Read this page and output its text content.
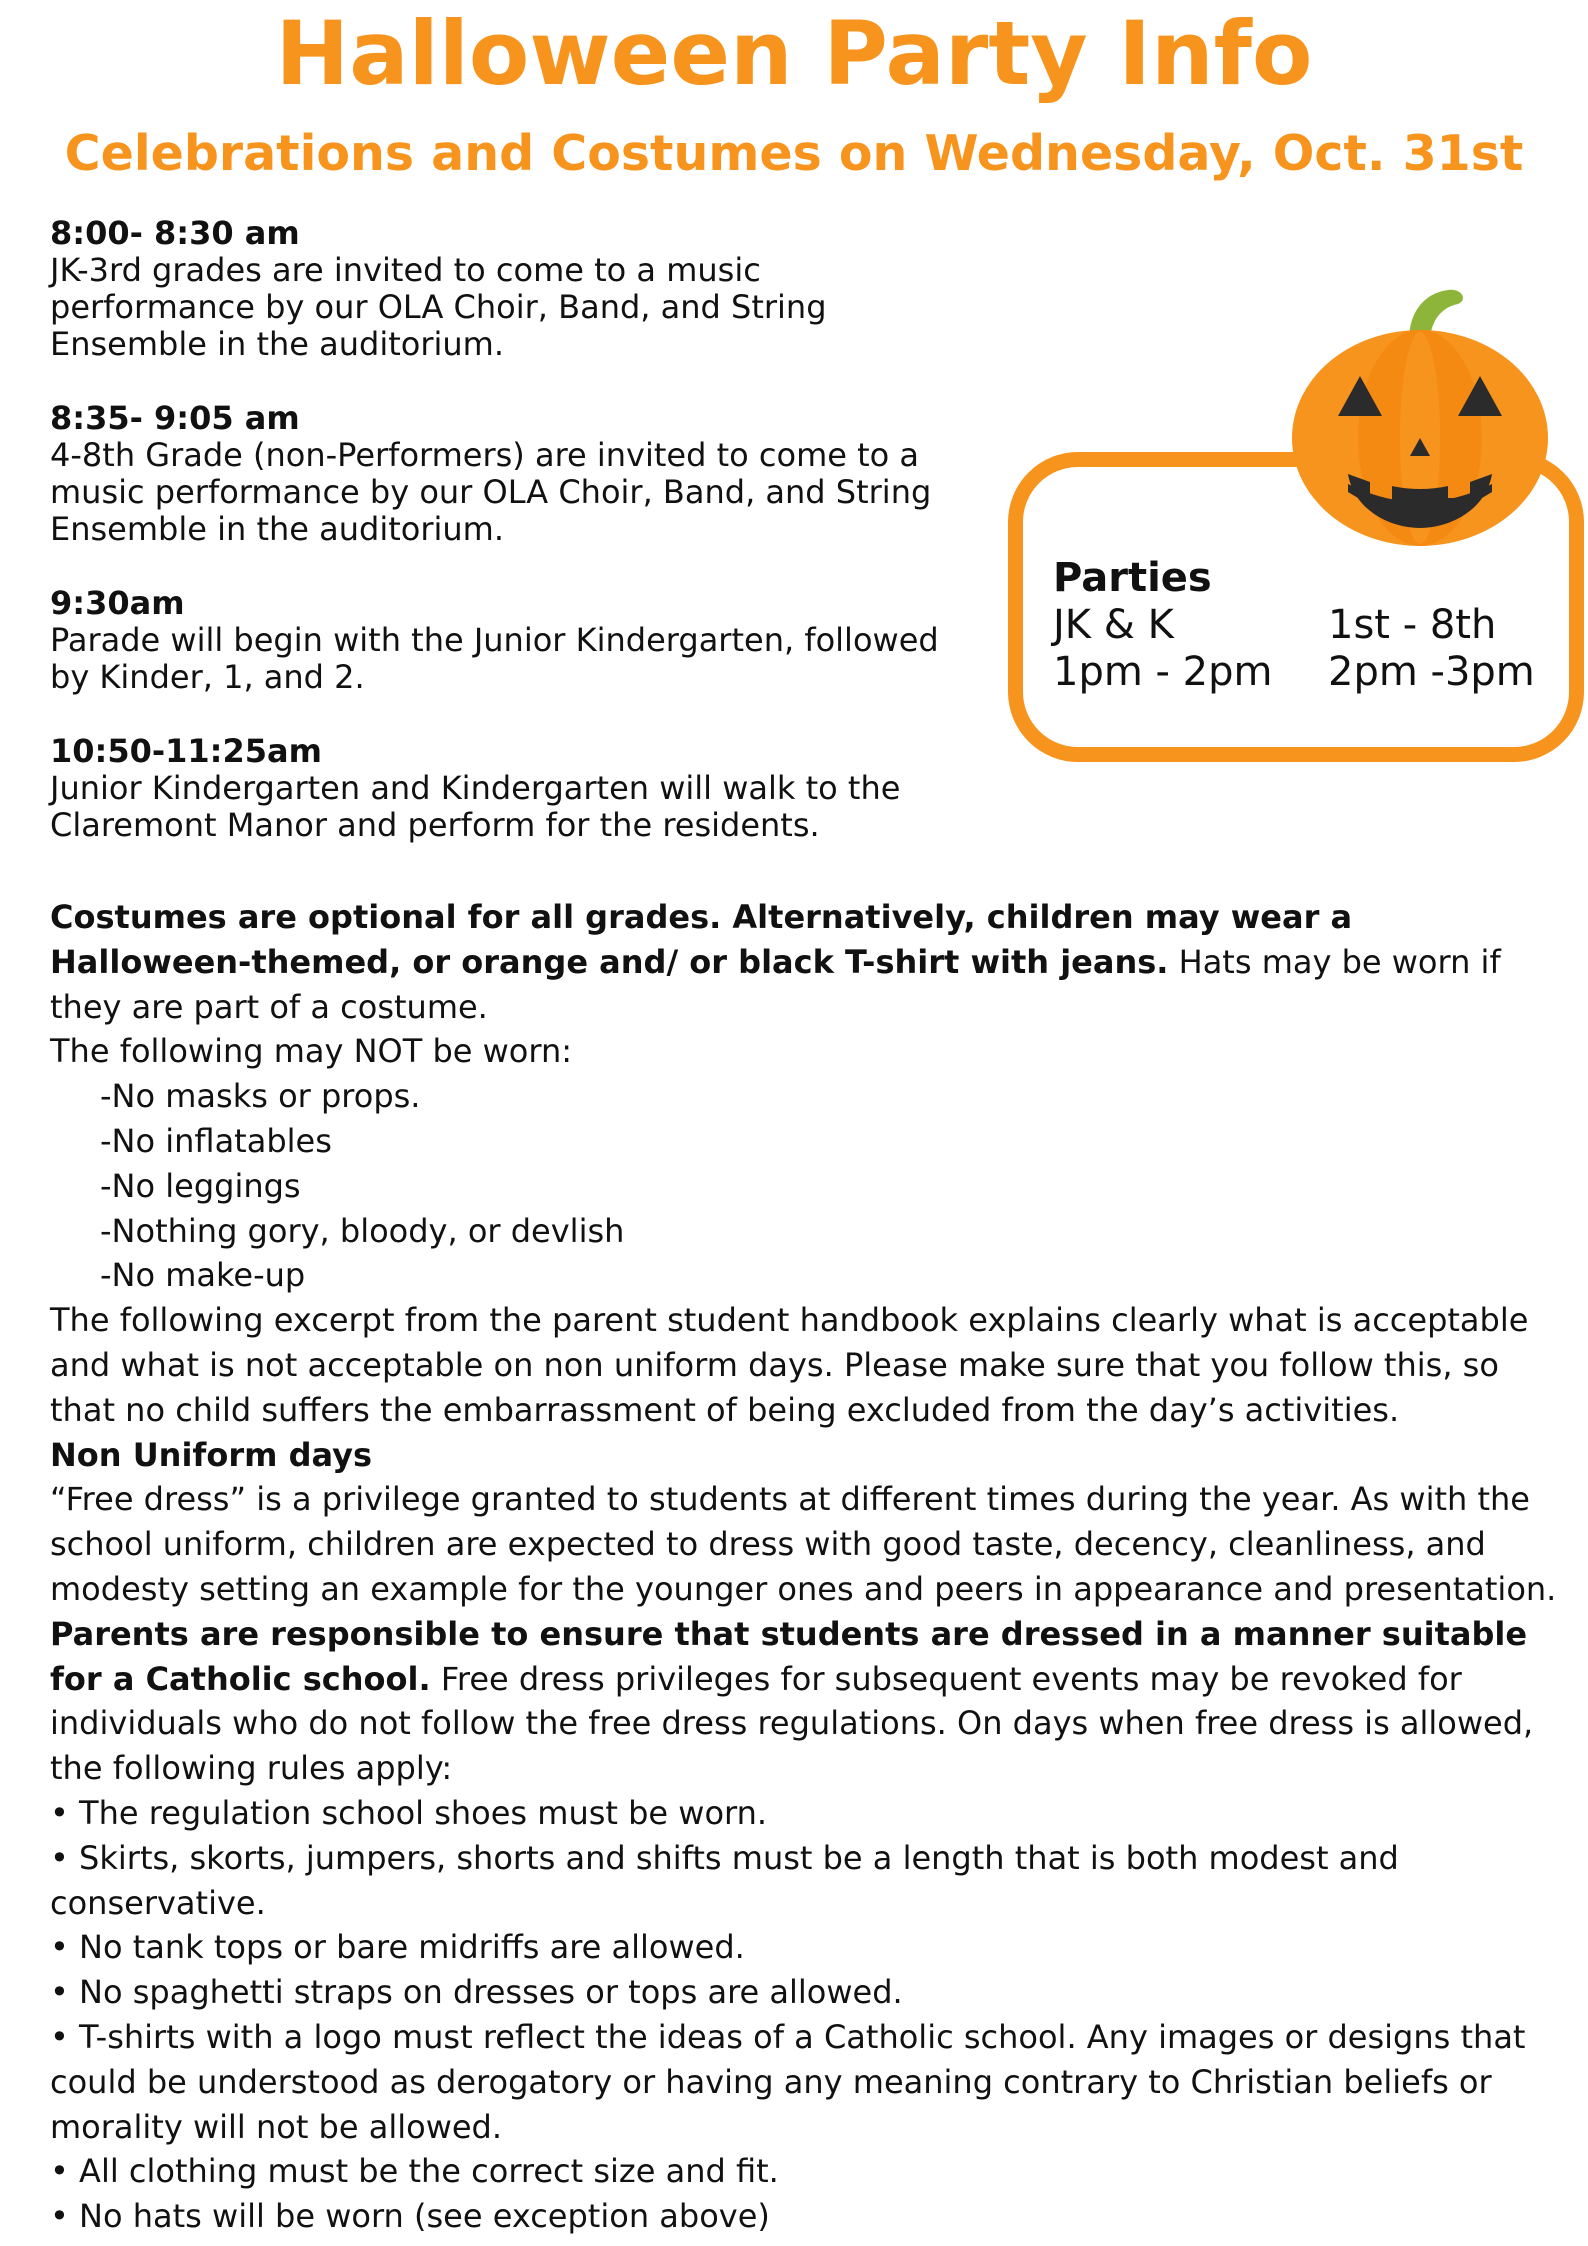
Halloween Party Info
Celebrations and Costumes on Wednesday, Oct. 31st
8:00- 8:30 am
JK-3rd grades are invited to come to a music
performance by our OLA Choir, Band, and String
Ensemble in the auditorium.
8:35- 9:05 am
4-8th Grade (non-Performers) are invited to come to a
music performance by our OLA Choir, Band, and String
Ensemble in the auditorium.
9:30am
Parade will begin with the Junior Kindergarten, followed
by Kinder, 1, and 2.
10:50-11:25am
Junior Kindergarten and Kindergarten will walk to the
Claremont Manor and perform for the residents.
Parties
JK & K	1st - 8th
1pm - 2pm	2pm -3pm

Costumes are optional for all grades. Alternatively, children may wear a Halloween-themed, or orange and/ or black T-shirt with jeans. Hats may be worn if they are part of a costume.

The following may NOT be worn:

-No masks or props.

-No inflatables

-No leggings

-Nothing gory, bloody, or devlish

-No make-up

The following excerpt from the parent student handbook explains clearly what is acceptable and what is not acceptable on non uniform days. Please make sure that you follow this, so that no child suffers the embarrassment of being excluded from the day’s activities.

Non Uniform days

“Free dress” is a privilege granted to students at different times during the year. As with the school uniform, children are expected to dress with good taste, decency, cleanliness, and modesty setting an example for the younger ones and peers in appearance and presentation. Parents are responsible to ensure that students are dressed in a manner suitable for a Catholic school. Free dress privileges for subsequent events may be revoked for individuals who do not follow the free dress regulations. On days when free dress is allowed, the following rules apply:

• The regulation school shoes must be worn.

• Skirts, skorts, jumpers, shorts and shifts must be a length that is both modest and conservative.

• No tank tops or bare midriffs are allowed.

• No spaghetti straps on dresses or tops are allowed.

• T-shirts with a logo must reflect the ideas of a Catholic school. Any images or designs that could be understood as derogatory or having any meaning contrary to Christian beliefs or morality will not be allowed.

• All clothing must be the correct size and fit.

• No hats will be worn (see exception above)
